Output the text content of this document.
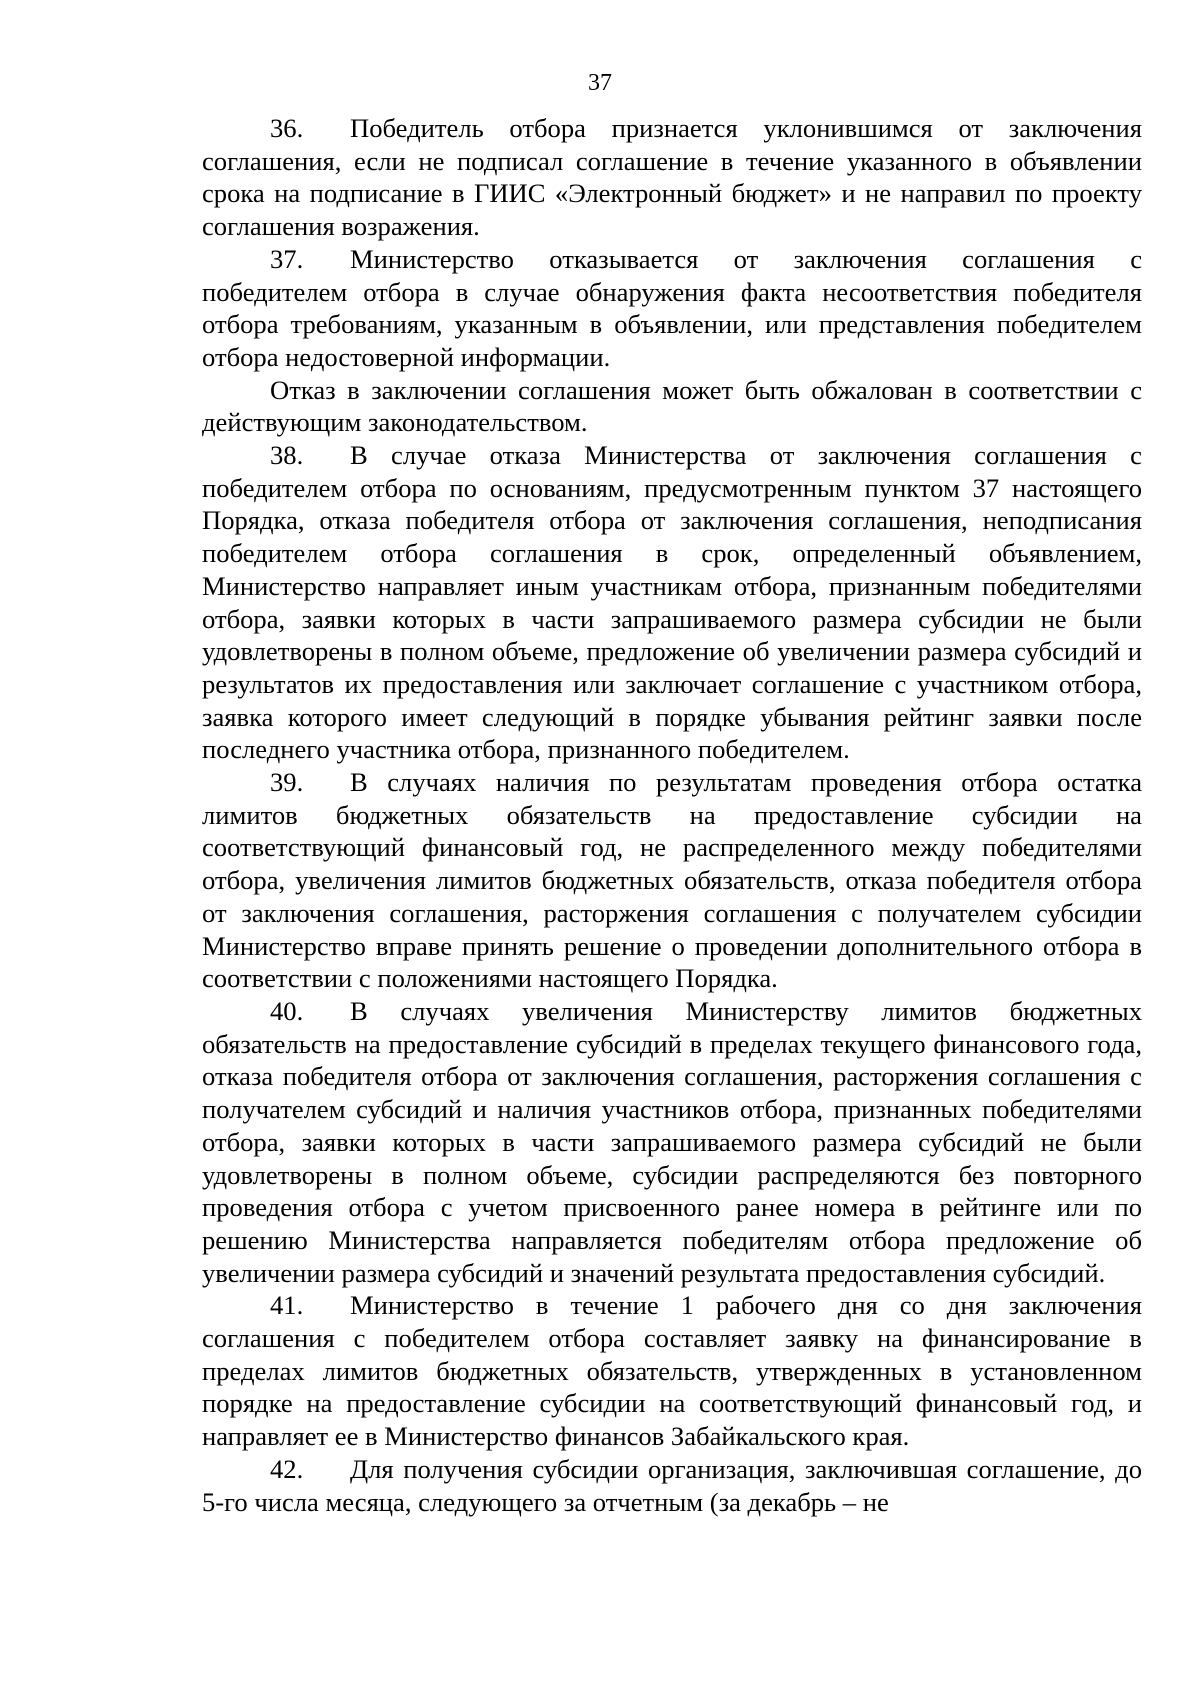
37

36. Победитель отбора признается уклонившимся от заключения соглашения, если не подписал соглашение в течение указанного в объявлении срока на подписание в ГИИС «Электронный бюджет» и не направил по проекту соглашения возражения.

37. Министерство отказывается от заключения соглашения с победителем отбора в случае обнаружения факта несоответствия победителя отбора требованиям, указанным в объявлении, или представления победителем отбора недостоверной информации.

Отказ в заключении соглашения может быть обжалован в соответствии с действующим законодательством.

38. В случае отказа Министерства от заключения соглашения с победителем отбора по основаниям, предусмотренным пунктом 37 настоящего Порядка, отказа победителя отбора от заключения соглашения, неподписания победителем отбора соглашения в срок, определенный объявлением, Министерство направляет иным участникам отбора, признанным победителями отбора, заявки которых в части запрашиваемого размера субсидии не были удовлетворены в полном объеме, предложение об увеличении размера субсидий и результатов их предоставления или заключает соглашение с участником отбора, заявка которого имеет следующий в порядке убывания рейтинг заявки после последнего участника отбора, признанного победителем.

39. В случаях наличия по результатам проведения отбора остатка лимитов бюджетных обязательств на предоставление субсидии на соответствующий финансовый год, не распределенного между победителями отбора, увеличения лимитов бюджетных обязательств, отказа победителя отбора от заключения соглашения, расторжения соглашения с получателем субсидии Министерство вправе принять решение о проведении дополнительного отбора в соответствии с положениями настоящего Порядка.

40. В случаях увеличения Министерству лимитов бюджетных обязательств на предоставление субсидий в пределах текущего финансового года, отказа победителя отбора от заключения соглашения, расторжения соглашения с получателем субсидий и наличия участников отбора, признанных победителями отбора, заявки которых в части запрашиваемого размера субсидий не были удовлетворены в полном объеме, субсидии распределяются без повторного проведения отбора с учетом присвоенного ранее номера в рейтинге или по решению Министерства направляется победителям отбора предложение об увеличении размера субсидий и значений результата предоставления субсидий.

41. Министерство в течение 1 рабочего дня со дня заключения соглашения с победителем отбора составляет заявку на финансирование в пределах лимитов бюджетных обязательств, утвержденных в установленном порядке на предоставление субсидии на соответствующий финансовый год, и направляет ее в Министерство финансов Забайкальского края.

42. Для получения субсидии организация, заключившая соглашение, до 5-го числа месяца, следующего за отчетным (за декабрь – не
